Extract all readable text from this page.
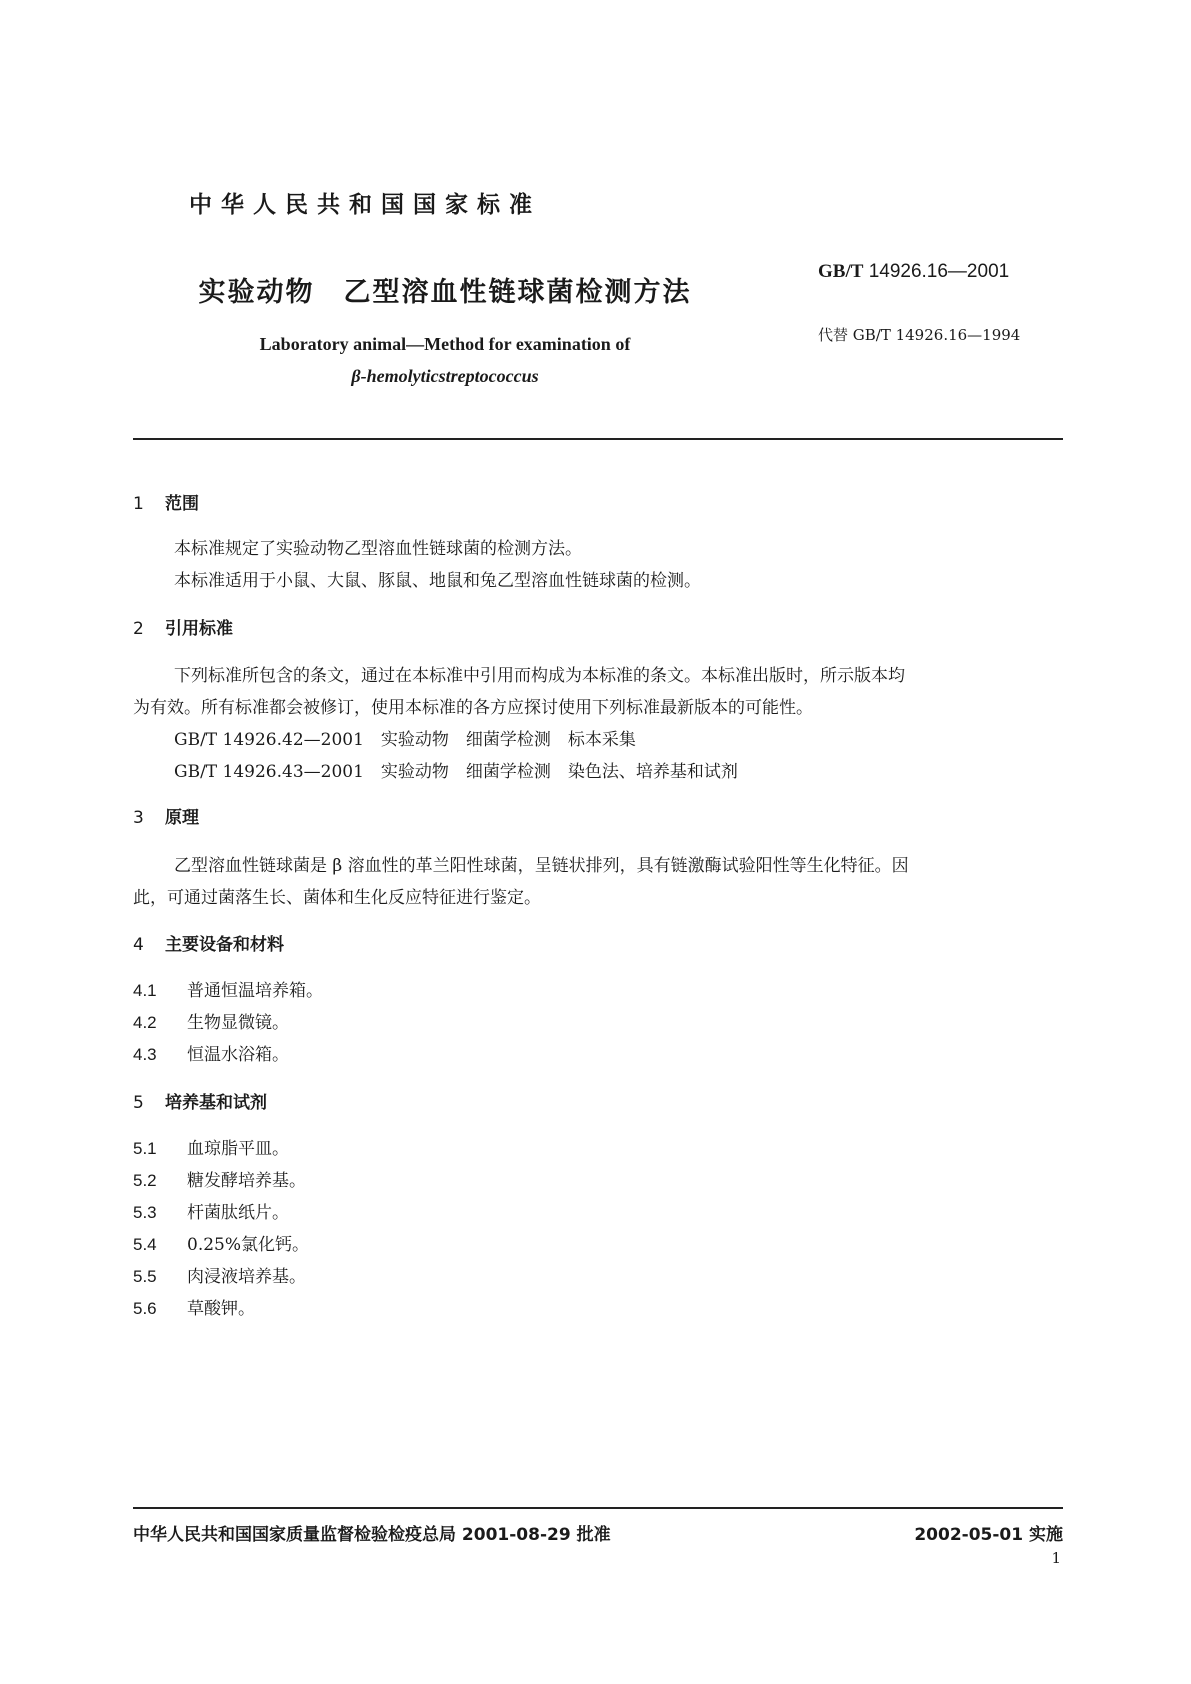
中华人民共和国国家标准
实验动物　乙型溶血性链球菌检测方法
Laboratory animal—Method for examination of
β-hemolyticstreptococcus
GB/T 14926.16—2001
代替 GB/T 14926.16—1994
1 范围
本标准规定了实验动物乙型溶血性链球菌的检测方法。
本标准适用于小鼠、大鼠、豚鼠、地鼠和兔乙型溶血性链球菌的检测。
2 引用标准
下列标准所包含的条文，通过在本标准中引用而构成为本标准的条文。本标准出版时，所示版本均
为有效。所有标准都会被修订，使用本标准的各方应探讨使用下列标准最新版本的可能性。
GB/T 14926.42—2001　实验动物　细菌学检测　标本采集
GB/T 14926.43—2001　实验动物　细菌学检测　染色法、培养基和试剂
3 原理
乙型溶血性链球菌是 β 溶血性的革兰阳性球菌，呈链状排列，具有链激酶试验阳性等生化特征。因
此，可通过菌落生长、菌体和生化反应特征进行鉴定。
4 主要设备和材料
4.1 普通恒温培养箱。
4.2 生物显微镜。
4.3 恒温水浴箱。
5 培养基和试剂
5.1 血琼脂平皿。
5.2 糖发酵培养基。
5.3 杆菌肽纸片。
5.4 0.25%氯化钙。
5.5 肉浸液培养基。
5.6 草酸钾。
中华人民共和国国家质量监督检验检疫总局 2001-08-29 批准	2002-05-01 实施
1
